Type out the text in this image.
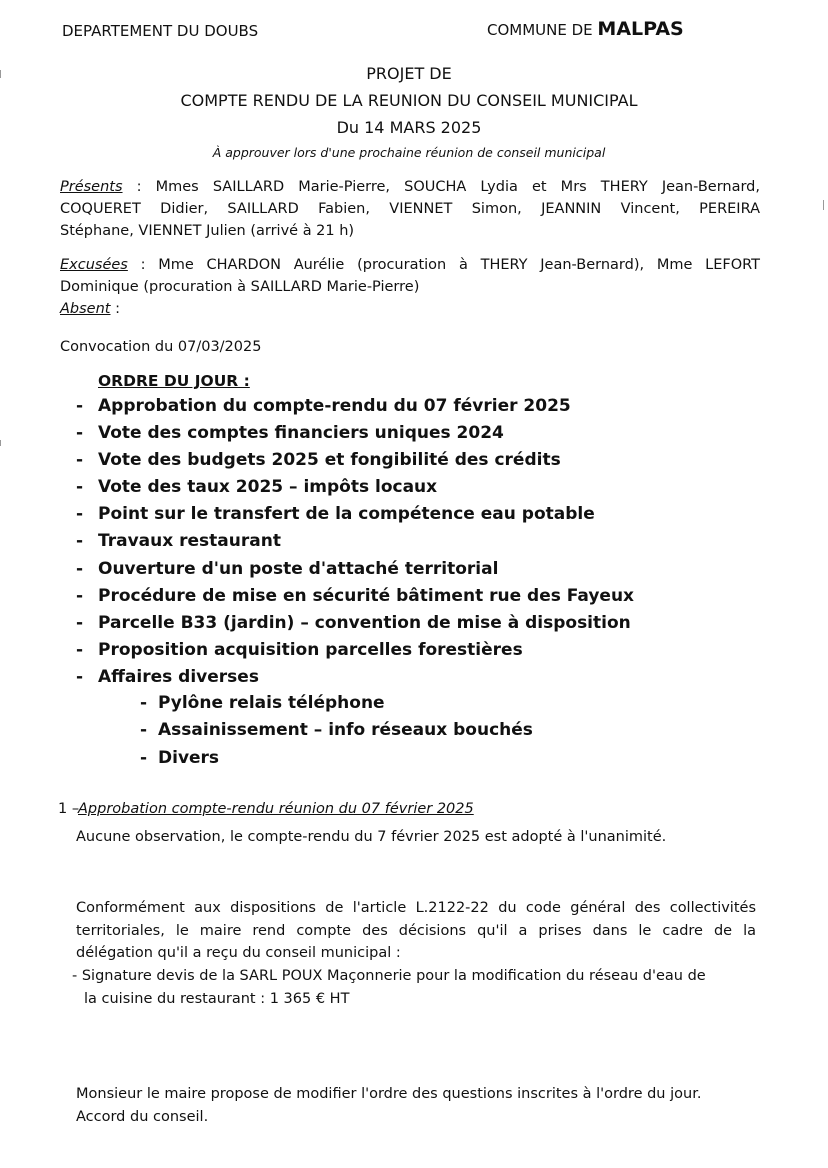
DEPARTEMENT DU DOUBS	COMMUNE DE MALPAS
PROJET DE
COMPTE RENDU DE LA REUNION DU CONSEIL MUNICIPAL
Du 14 MARS 2025
À approuver lors d'une prochaine réunion de conseil municipal
Présents : Mmes SAILLARD Marie-Pierre, SOUCHA Lydia et Mrs THERY Jean-Bernard,
COQUERET Didier, SAILLARD Fabien, VIENNET Simon, JEANNIN Vincent, PEREIRA
Stéphane, VIENNET Julien (arrivé à 21 h)
Excusées : Mme CHARDON Aurélie (procuration à THERY Jean-Bernard), Mme LEFORT
Dominique (procuration à SAILLARD Marie-Pierre)
Absent :
Convocation du 07/03/2025
ORDRE DU JOUR :
- Approbation du compte-rendu du 07 février 2025
- Vote des comptes financiers uniques 2024
- Vote des budgets 2025 et fongibilité des crédits
- Vote des taux 2025 – impôts locaux
- Point sur le transfert de la compétence eau potable
- Travaux restaurant
- Ouverture d'un poste d'attaché territorial
- Procédure de mise en sécurité bâtiment rue des Fayeux
- Parcelle B33 (jardin) – convention de mise à disposition
- Proposition acquisition parcelles forestières
- Affaires diverses
- Pylône relais téléphone
- Assainissement – info réseaux bouchés
- Divers
1 –
Approbation compte-rendu réunion du 07 février 2025
Aucune observation, le compte-rendu du 7 février 2025 est adopté à l'unanimité.
Conformément aux dispositions de l'article L.2122-22 du code général des collectivités
territoriales, le maire rend compte des décisions qu'il a prises dans le cadre de la
délégation qu'il a reçu du conseil municipal :
- Signature devis de la SARL POUX Maçonnerie pour la modification du réseau d'eau de
la cuisine du restaurant : 1 365 € HT
Monsieur le maire propose de modifier l'ordre des questions inscrites à l'ordre du jour.
Accord du conseil.
